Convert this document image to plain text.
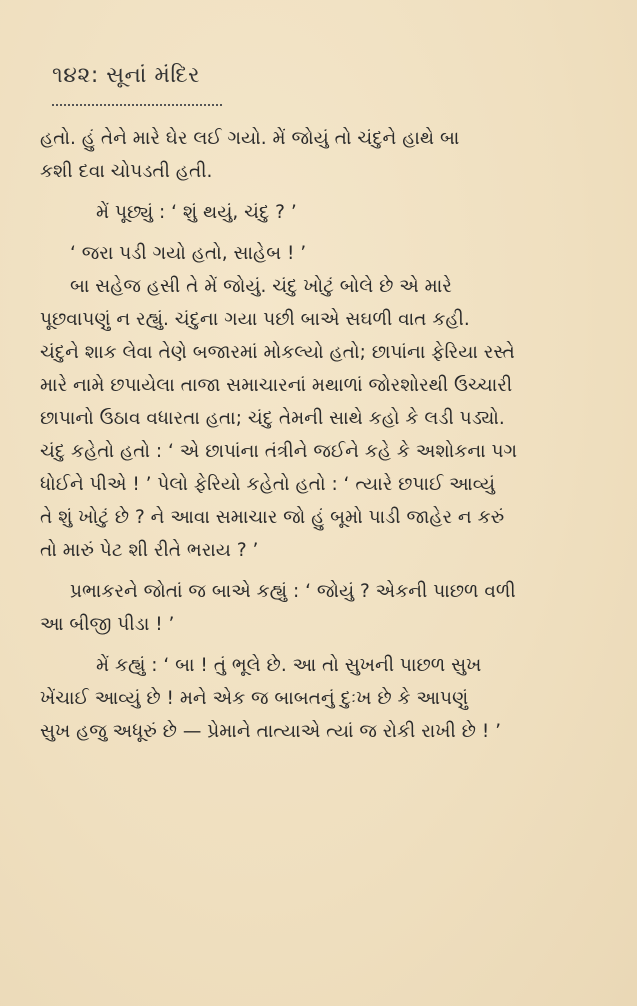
૧૪૨: સૂનાં મંદિર

હતો. હું તેને મારે ઘેર લઈ ગયો. મેં જોયું તો ચંદુને હાથે બા
કશી દવા ચોપડતી હતી.

મેં પૂછ્યું : ‘ શું થયું, ચંદુ ? ’

‘ જરા પડી ગયો હતો, સાહેબ ! ’

બા સહેજ હસી તે મેં જોયું. ચંદુ ખોટું બોલે છે એ મારે
પૂછવાપણું ન રહ્યું. ચંદુના ગયા પછી બાએ સઘળી વાત કહી.
ચંદુને શાક લેવા તેણે બજારમાં મોકલ્યો હતો; છાપાંના ફેરિયા રસ્તે
મારે નામે છપાયેલા તાજા સમાચારનાં મથાળાં જોરશોરથી ઉચ્ચારી
છાપાનો ઉઠાવ વધારતા હતા; ચંદુ તેમની સાથે કહો કે લડી પડ્યો.
ચંદુ કહેતો હતો : ‘ એ છાપાંના તંત્રીને જઈને કહે કે અશોકના પગ
ધોઈને પીએ ! ’ પેલો ફેરિયો કહેતો હતો : ‘ ત્યારે છપાઈ આવ્યું
તે શું ખોટું છે ? ને આવા સમાચાર જો હું બૂમો પાડી જાહેર ન કરું
તો મારું પેટ શી રીતે ભરાય ? ’

પ્રભાકરને જોતાં જ બાએ કહ્યું : ‘ જોયું ? એકની પાછળ વળી
આ બીજી પીડા ! ’

મેં કહ્યું : ‘ બા ! તું ભૂલે છે. આ તો સુખની પાછળ સુખ
ખેંચાઈ આવ્યું છે ! મને એક જ બાબતનું દુઃખ છે કે આપણું
સુખ હજુ અધૂરું છે — પ્રેમાને તાત્યાએ ત્યાં જ રોકી રાખી છે ! ’
